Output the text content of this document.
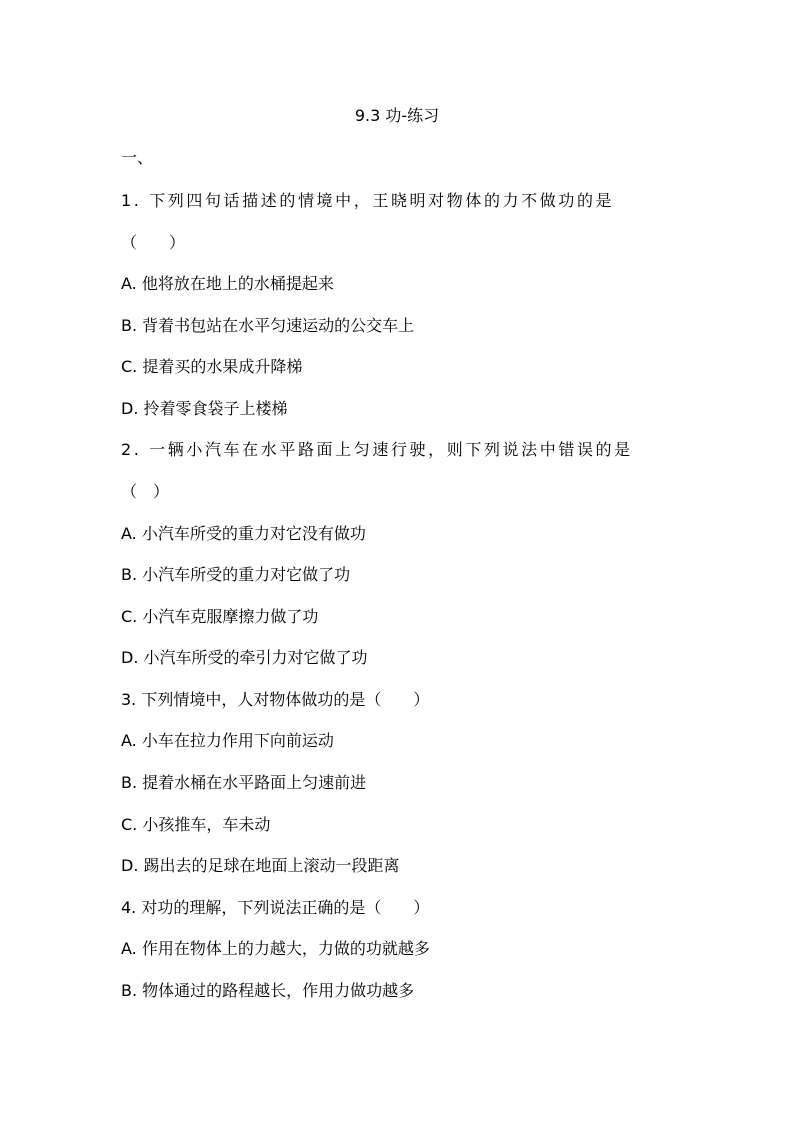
9.3 功-练习
一、
1. 下列四句话描述的情境中，王晓明对物体的力不做功的是
（　　）
A. 他将放在地上的水桶提起来
B. 背着书包站在水平匀速运动的公交车上
C. 提着买的水果成升降梯
D. 拎着零食袋子上楼梯
2. 一辆小汽车在水平路面上匀速行驶，则下列说法中错误的是
（　）
A. 小汽车所受的重力对它没有做功
B. 小汽车所受的重力对它做了功
C. 小汽车克服摩擦力做了功
D. 小汽车所受的牵引力对它做了功
3. 下列情境中，人对物体做功的是（　　）
A. 小车在拉力作用下向前运动
B. 提着水桶在水平路面上匀速前进
C. 小孩推车，车未动
D. 踢出去的足球在地面上滚动一段距离
4. 对功的理解，下列说法正确的是（　　）
A. 作用在物体上的力越大，力做的功就越多
B. 物体通过的路程越长，作用力做功越多
